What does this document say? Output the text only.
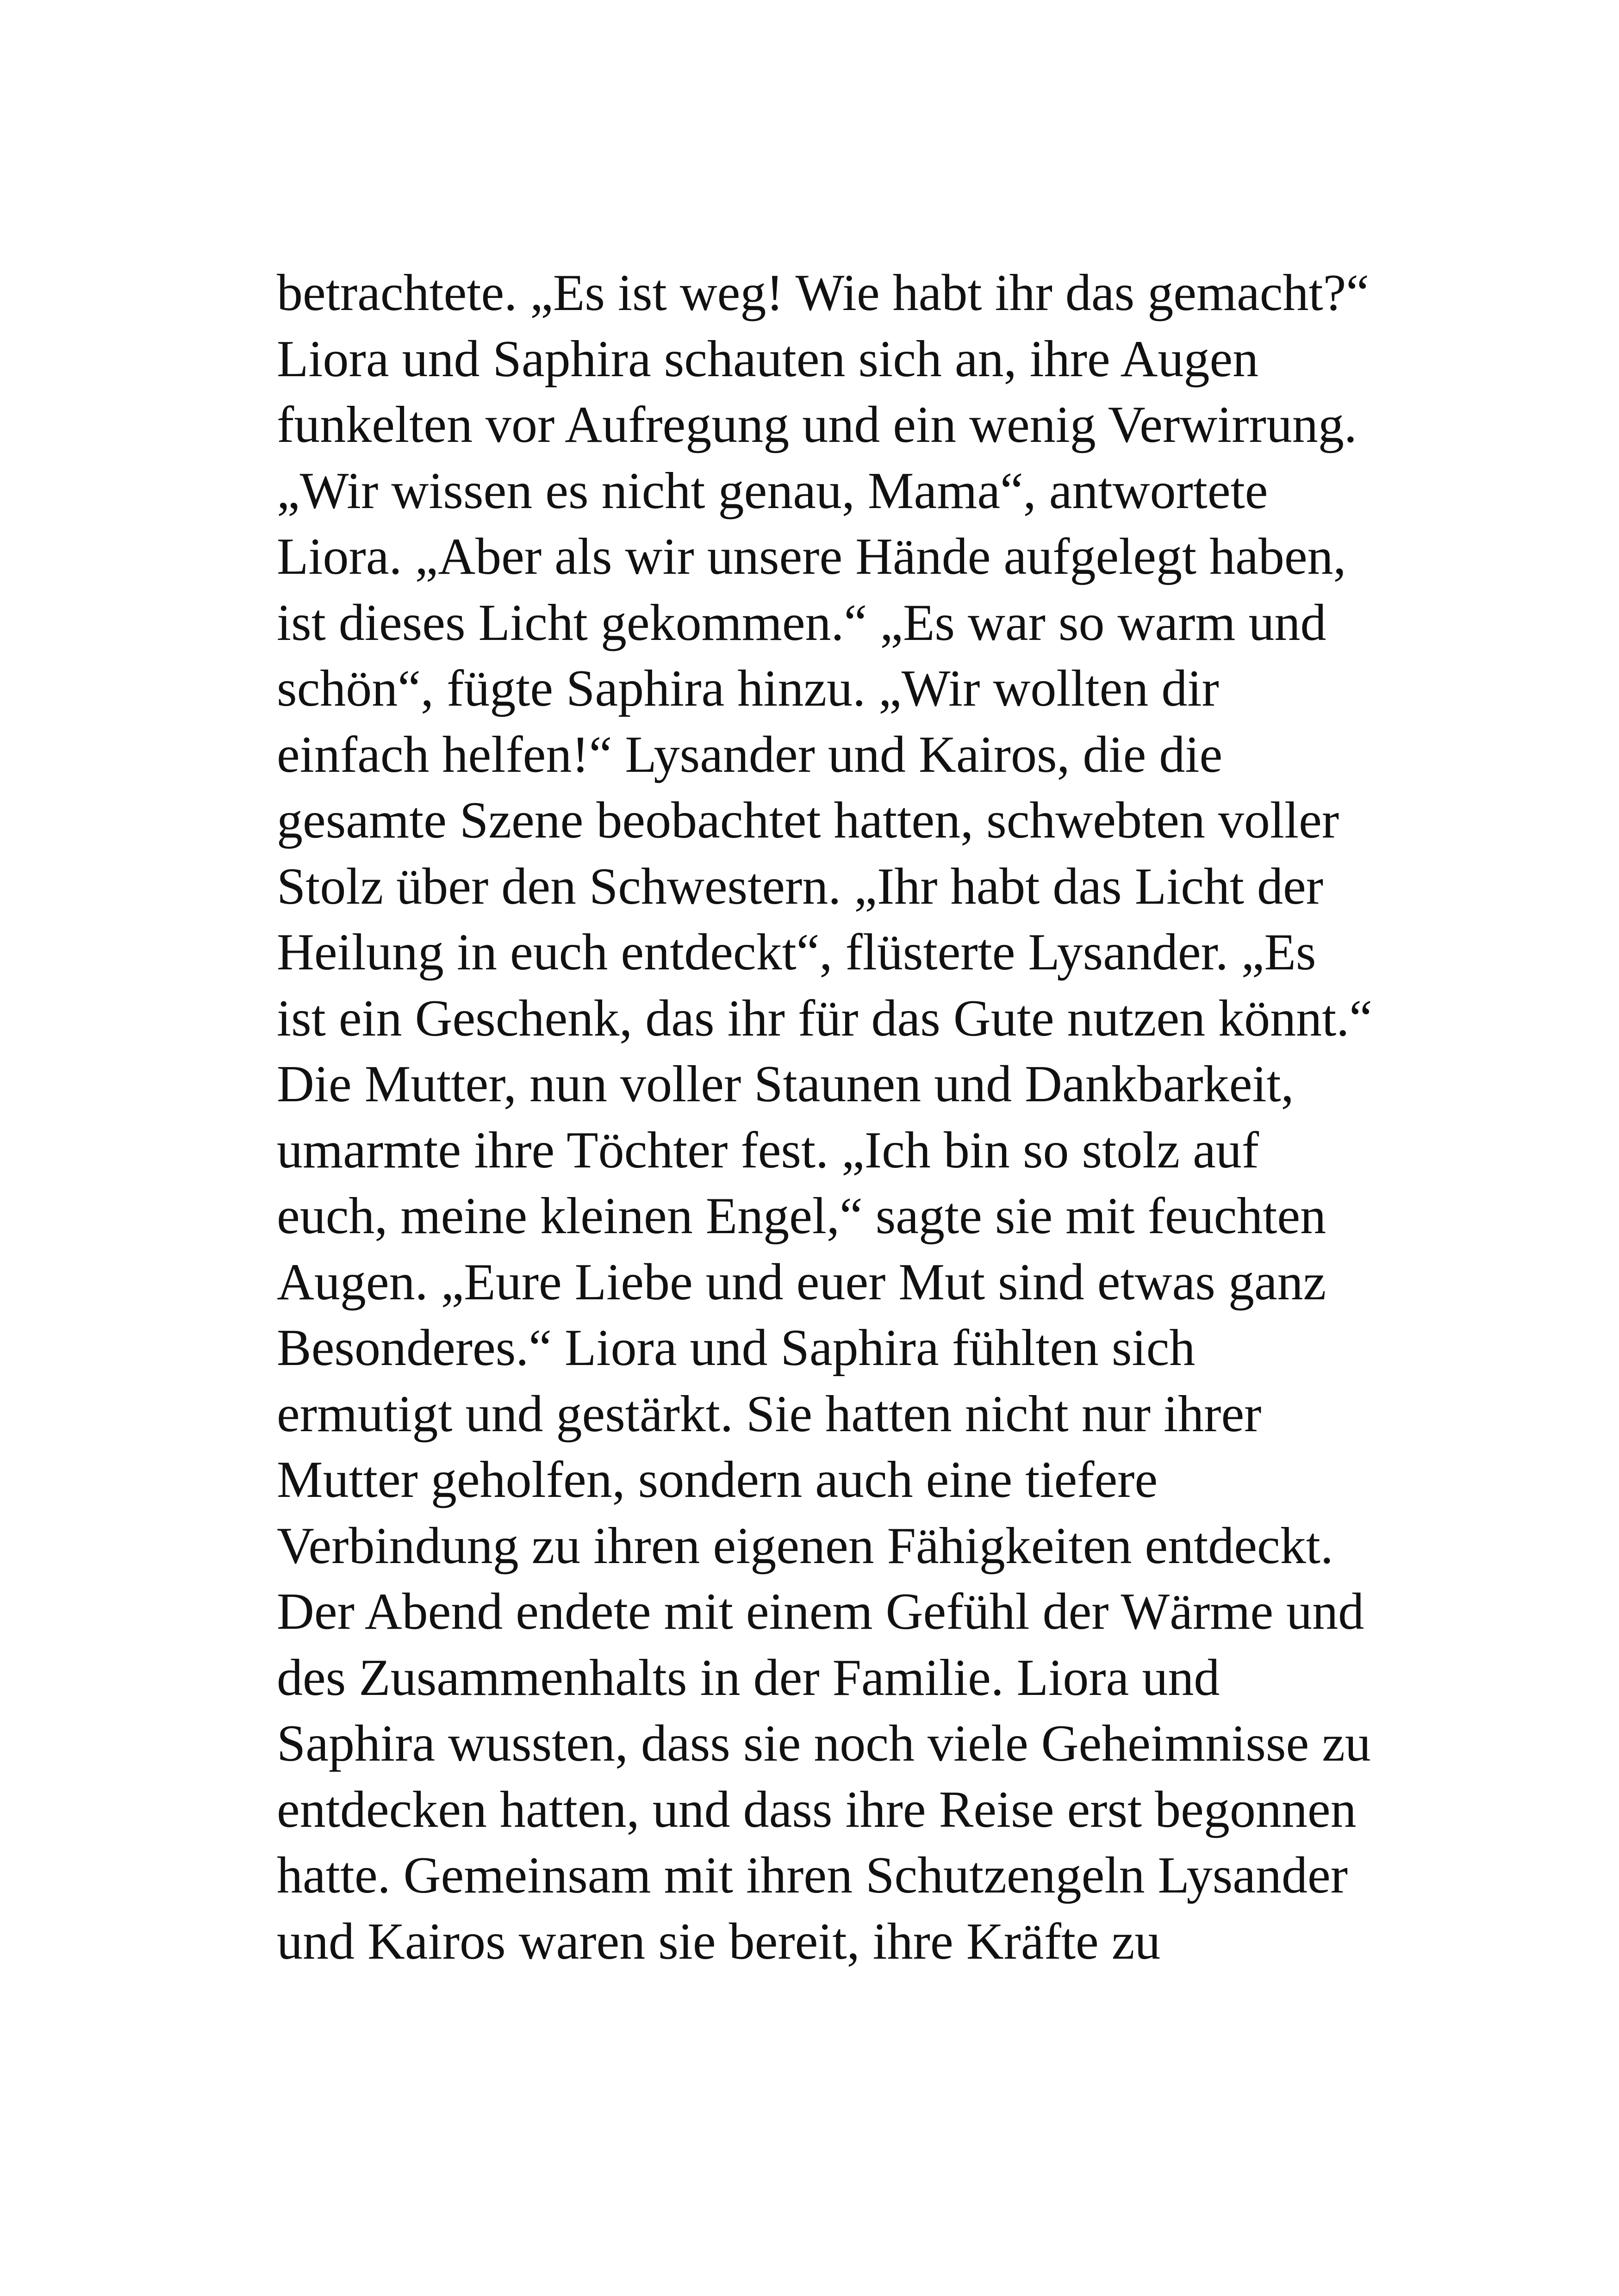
betrachtete. „Es ist weg! Wie habt ihr das gemacht?“
Liora und Saphira schauten sich an, ihre Augen
funkelten vor Aufregung und ein wenig Verwirrung.
„Wir wissen es nicht genau, Mama“, antwortete
Liora. „Aber als wir unsere Hände aufgelegt haben,
ist dieses Licht gekommen.“ „Es war so warm und
schön“, fügte Saphira hinzu. „Wir wollten dir
einfach helfen!“ Lysander und Kairos, die die
gesamte Szene beobachtet hatten, schwebten voller
Stolz über den Schwestern. „Ihr habt das Licht der
Heilung in euch entdeckt“, flüsterte Lysander. „Es
ist ein Geschenk, das ihr für das Gute nutzen könnt.“
Die Mutter, nun voller Staunen und Dankbarkeit,
umarmte ihre Töchter fest. „Ich bin so stolz auf
euch, meine kleinen Engel,“ sagte sie mit feuchten
Augen. „Eure Liebe und euer Mut sind etwas ganz
Besonderes.“ Liora und Saphira fühlten sich
ermutigt und gestärkt. Sie hatten nicht nur ihrer
Mutter geholfen, sondern auch eine tiefere
Verbindung zu ihren eigenen Fähigkeiten entdeckt.
Der Abend endete mit einem Gefühl der Wärme und
des Zusammenhalts in der Familie. Liora und
Saphira wussten, dass sie noch viele Geheimnisse zu
entdecken hatten, und dass ihre Reise erst begonnen
hatte. Gemeinsam mit ihren Schutzengeln Lysander
und Kairos waren sie bereit, ihre Kräfte zu
